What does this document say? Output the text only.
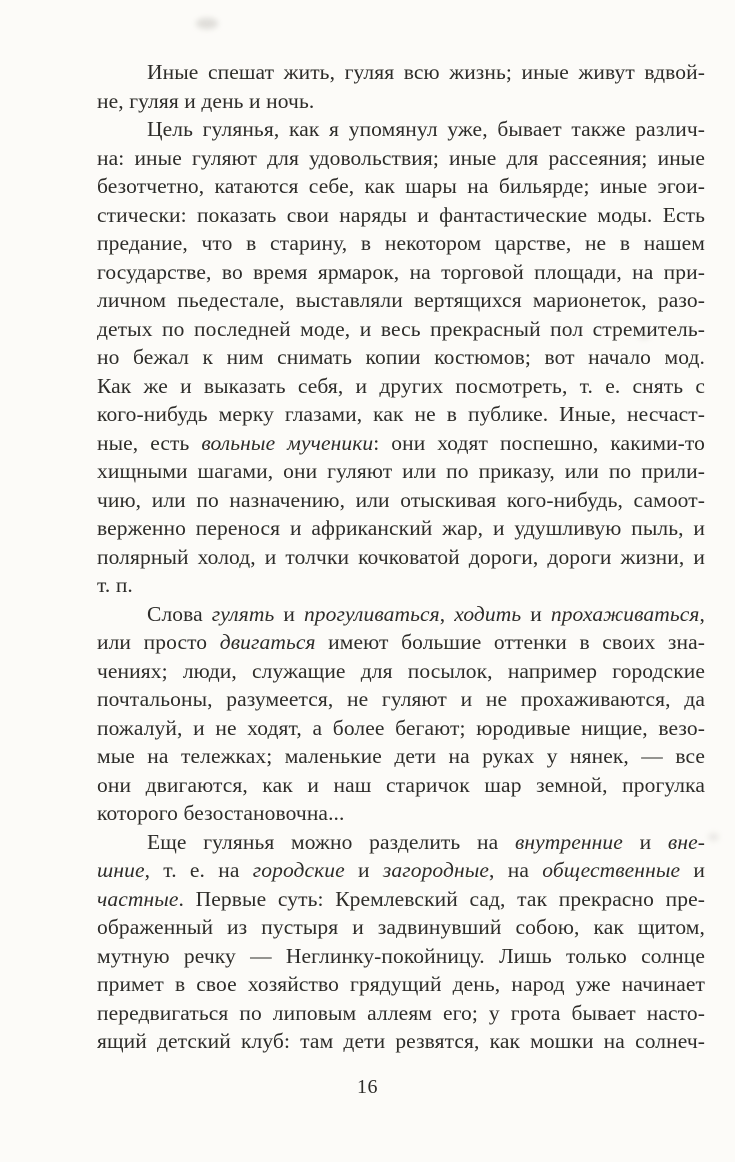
Иные спешат жить, гуляя всю жизнь; иные живут вдвой-
не, гуляя и день и ночь.
Цель гулянья, как я упомянул уже, бывает также различ-
на: иные гуляют для удовольствия; иные для рассеяния; иные
безотчетно, катаются себе, как шары на бильярде; иные эгои-
стически: показать свои наряды и фантастические моды. Есть
предание, что в старину, в некотором царстве, не в нашем
государстве, во время ярмарок, на торговой площади, на при-
личном пьедестале, выставляли вертящихся марионеток, разо-
детых по последней моде, и весь прекрасный пол стремитель-
но бежал к ним снимать копии костюмов; вот начало мод.
Как же и выказать себя, и других посмотреть, т. е. снять с
кого-нибудь мерку глазами, как не в публике. Иные, несчаст-
ные, есть вольные мученики: они ходят поспешно, какими-то
хищными шагами, они гуляют или по приказу, или по прили-
чию, или по назначению, или отыскивая кого-нибудь, самоот-
верженно перенося и африканский жар, и удушливую пыль, и
полярный холод, и толчки кочковатой дороги, дороги жизни, и
т. п.
Слова гулять и прогуливаться, ходить и прохаживаться,
или просто двигаться имеют большие оттенки в своих зна-
чениях; люди, служащие для посылок, например городские
почтальоны, разумеется, не гуляют и не прохаживаются, да
пожалуй, и не ходят, а более бегают; юродивые нищие, везо-
мые на тележках; маленькие дети на руках у нянек, — все
они двигаются, как и наш старичок шар земной, прогулка
которого безостановочна...
Еще гулянья можно разделить на внутренние и вне-
шние, т. е. на городские и загородные, на общественные и
частные. Первые суть: Кремлевский сад, так прекрасно пре-
ображенный из пустыря и задвинувший собою, как щитом,
мутную речку — Неглинку-покойницу. Лишь только солнце
примет в свое хозяйство грядущий день, народ уже начинает
передвигаться по липовым аллеям его; у грота бывает насто-
ящий детский клуб: там дети резвятся, как мошки на солнеч-
16
